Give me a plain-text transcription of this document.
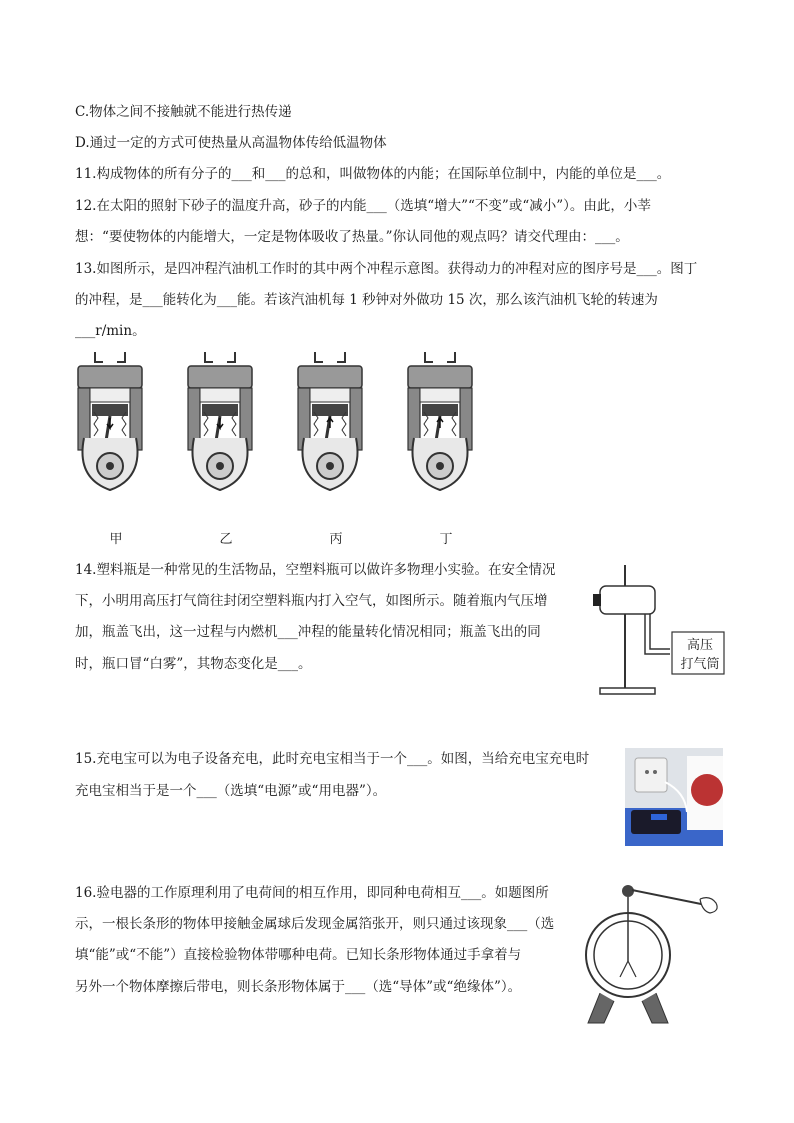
C.物体之间不接触就不能进行热传递
D.通过一定的方式可使热量从高温物体传给低温物体
11.构成物体的所有分子的___和___的总和，叫做物体的内能；在国际单位制中，内能的单位是___。
12.在太阳的照射下砂子的温度升高，砂子的内能___（选填“增大”“不变”或“减小”）。由此，小莘
想：“要使物体的内能增大，一定是物体吸收了热量。”你认同他的观点吗？请交代理由：___。
13.如图所示，是四冲程汽油机工作时的其中两个冲程示意图。获得动力的冲程对应的图序号是___。图丁
的冲程，是___能转化为___能。若该汽油机每 1 秒钟对外做功 15 次，那么该汽油机飞轮的转速为
___r/min。
甲	乙	丙	丁
14.塑料瓶是一种常见的生活物品，空塑料瓶可以做许多物理小实验。在安全情况
下，小明用高压打气筒往封闭空塑料瓶内打入空气，如图所示。随着瓶内气压增
加，瓶盖飞出，这一过程与内燃机___冲程的能量转化情况相同；瓶盖飞出的同
时，瓶口冒“白雾”，其物态变化是___。
高压
打气筒
15.充电宝可以为电子设备充电，此时充电宝相当于一个___。如图，当给充电宝充电时
充电宝相当于是一个___（选填“电源”或“用电器”）。
16.验电器的工作原理利用了电荷间的相互作用，即同种电荷相互___。如题图所
示，一根长条形的物体甲接触金属球后发现金属箔张开，则只通过该现象___（选
填“能”或“不能”）直接检验物体带哪种电荷。已知长条形物体通过手拿着与
另外一个物体摩擦后带电，则长条形物体属于___（选“导体”或“绝缘体”）。
